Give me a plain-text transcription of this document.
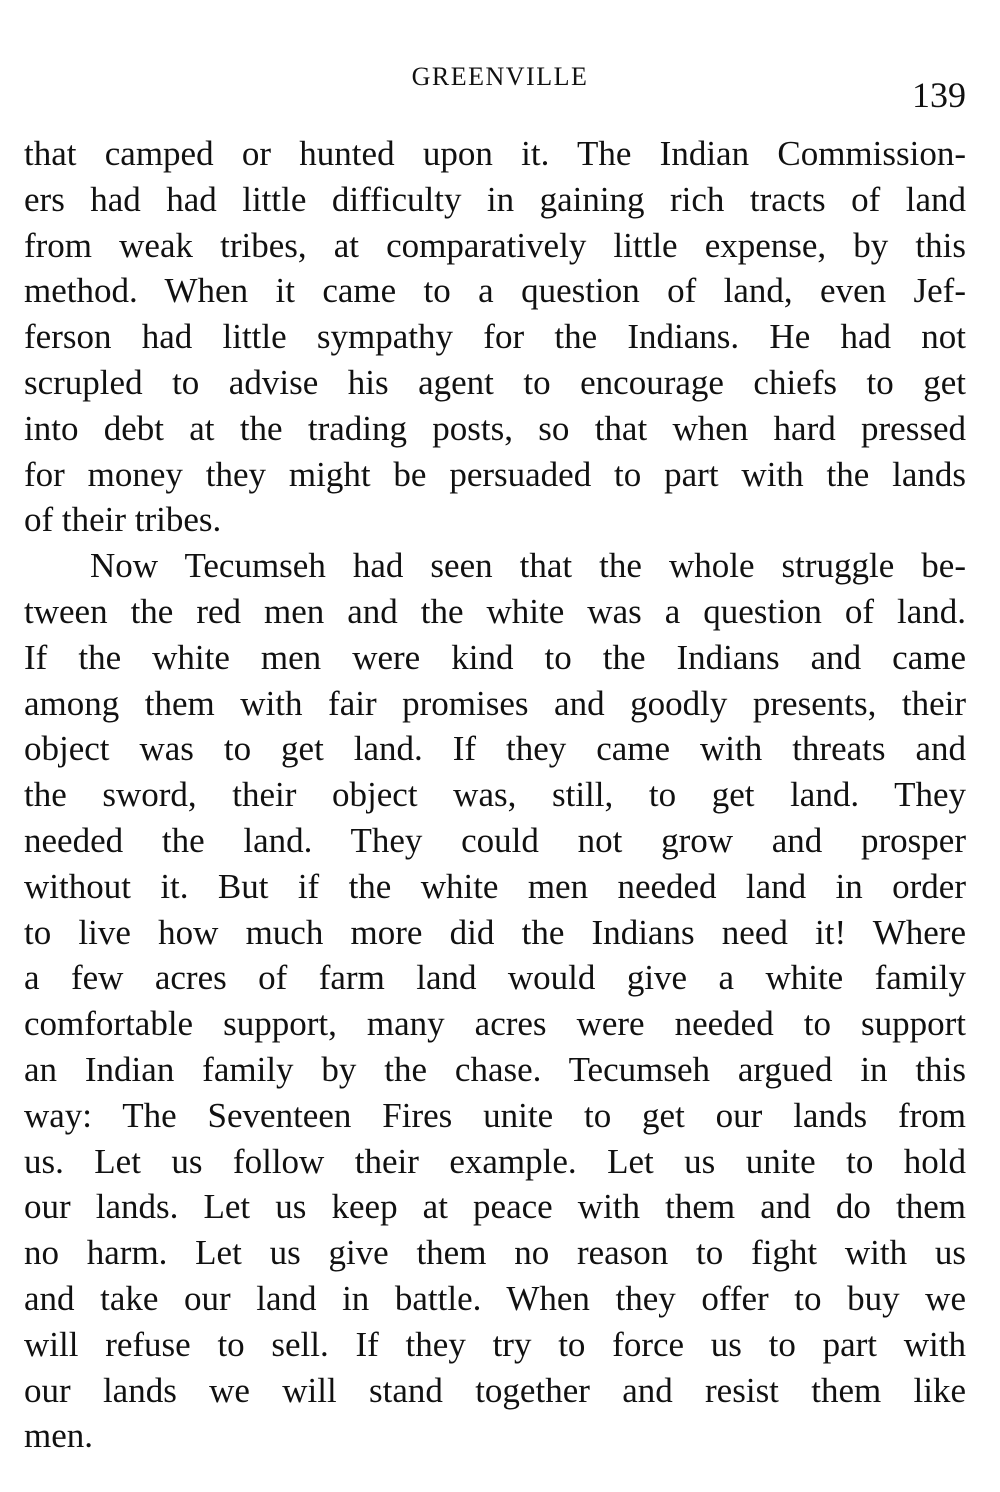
GREENVILLE	139
that camped or hunted upon it. The Indian Commission-
ers had had little difficulty in gaining rich tracts of land
from weak tribes, at comparatively little expense, by this
method. When it came to a question of land, even Jef-
ferson had little sympathy for the Indians. He had not
scrupled to advise his agent to encourage chiefs to get
into debt at the trading posts, so that when hard pressed
for money they might be persuaded to part with the lands
of their tribes.
Now Tecumseh had seen that the whole struggle be-
tween the red men and the white was a question of land.
If the white men were kind to the Indians and came
among them with fair promises and goodly presents, their
object was to get land. If they came with threats and
the sword, their object was, still, to get land. They
needed the land. They could not grow and prosper
without it. But if the white men needed land in order
to live how much more did the Indians need it! Where
a few acres of farm land would give a white family
comfortable support, many acres were needed to support
an Indian family by the chase. Tecumseh argued in this
way: The Seventeen Fires unite to get our lands from
us. Let us follow their example. Let us unite to hold
our lands. Let us keep at peace with them and do them
no harm. Let us give them no reason to fight with us
and take our land in battle. When they offer to buy we
will refuse to sell. If they try to force us to part with
our lands we will stand together and resist them like
men.
